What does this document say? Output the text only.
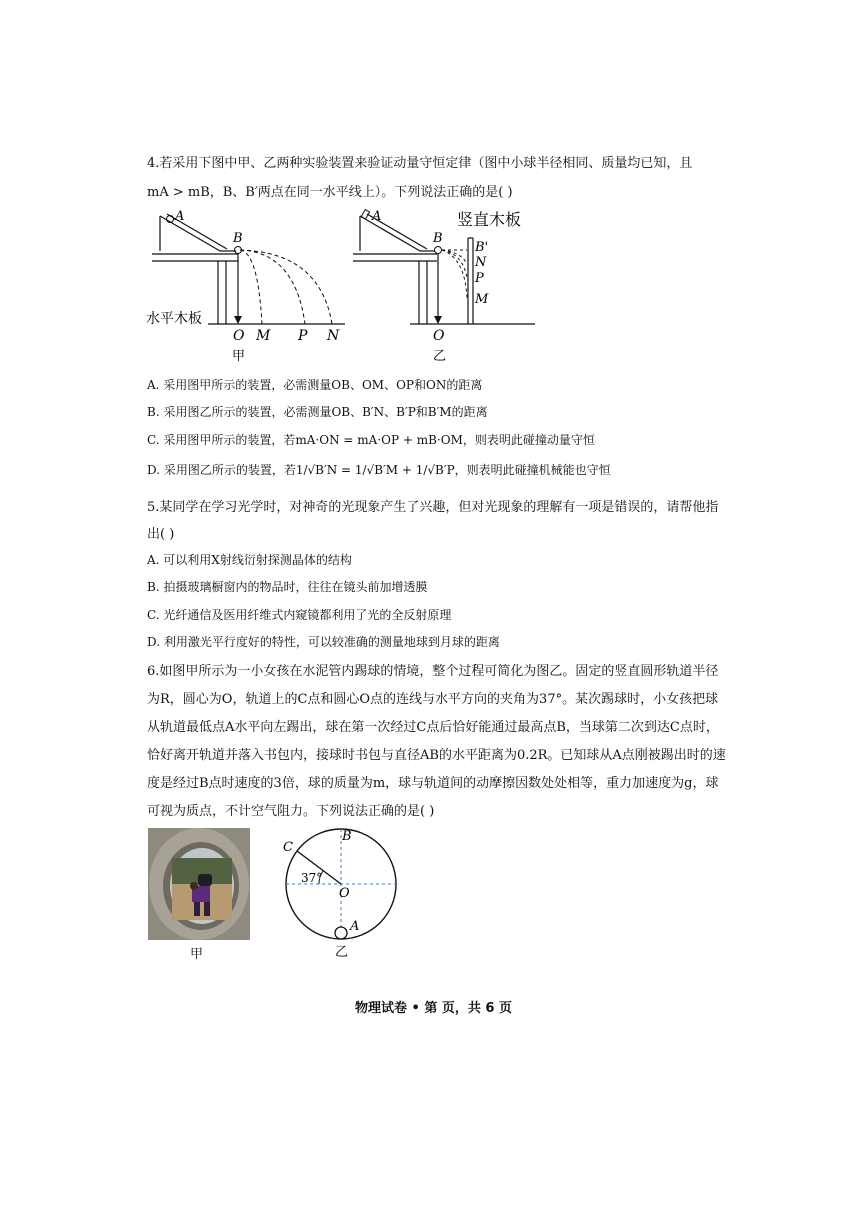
4.若采用下图中甲、乙两种实验装置来验证动量守恒定律（图中小球半径相同、质量均已知，且
mA > mB，B、B′两点在同一水平线上）。下列说法正确的是( )
A
B
水平木板
O M P N
甲
A
B
竖直木板
B'
N
P
M
O
乙
A. 采用图甲所示的装置，必需测量OB、OM、OP和ON的距离
B. 采用图乙所示的装置，必需测量OB、B′N、B′P和B′M的距离
C. 采用图甲所示的装置，若mA·ON = mA·OP + mB·OM，则表明此碰撞动量守恒
D. 采用图乙所示的装置，若1/√B′N = 1/√B′M + 1/√B′P，则表明此碰撞机械能也守恒
5.某同学在学习光学时，对神奇的光现象产生了兴趣，但对光现象的理解有一项是错误的，请帮他指
出( )
A. 可以利用X射线衍射探测晶体的结构
B. 拍摄玻璃橱窗内的物品时，往往在镜头前加增透膜
C. 光纤通信及医用纤维式内窥镜都利用了光的全反射原理
D. 利用激光平行度好的特性，可以较准确的测量地球到月球的距离
6.如图甲所示为一小女孩在水泥管内踢球的情境，整个过程可简化为图乙。固定的竖直圆形轨道半径
为R，圆心为O，轨道上的C点和圆心O点的连线与水平方向的夹角为37°。某次踢球时，小女孩把球
从轨道最低点A水平向左踢出，球在第一次经过C点后恰好能通过最高点B，当球第二次到达C点时，
恰好离开轨道并落入书包内，接球时书包与直径AB的水平距离为0.2R。已知球从A点刚被踢出时的速
度是经过B点时速度的3倍，球的质量为m，球与轨道间的动摩擦因数处处相等，重力加速度为g，球
可视为质点，不计空气阻力。下列说法正确的是( )
甲
C
B
O
A
37°
乙
物理试卷 • 第 页，共 6 页
